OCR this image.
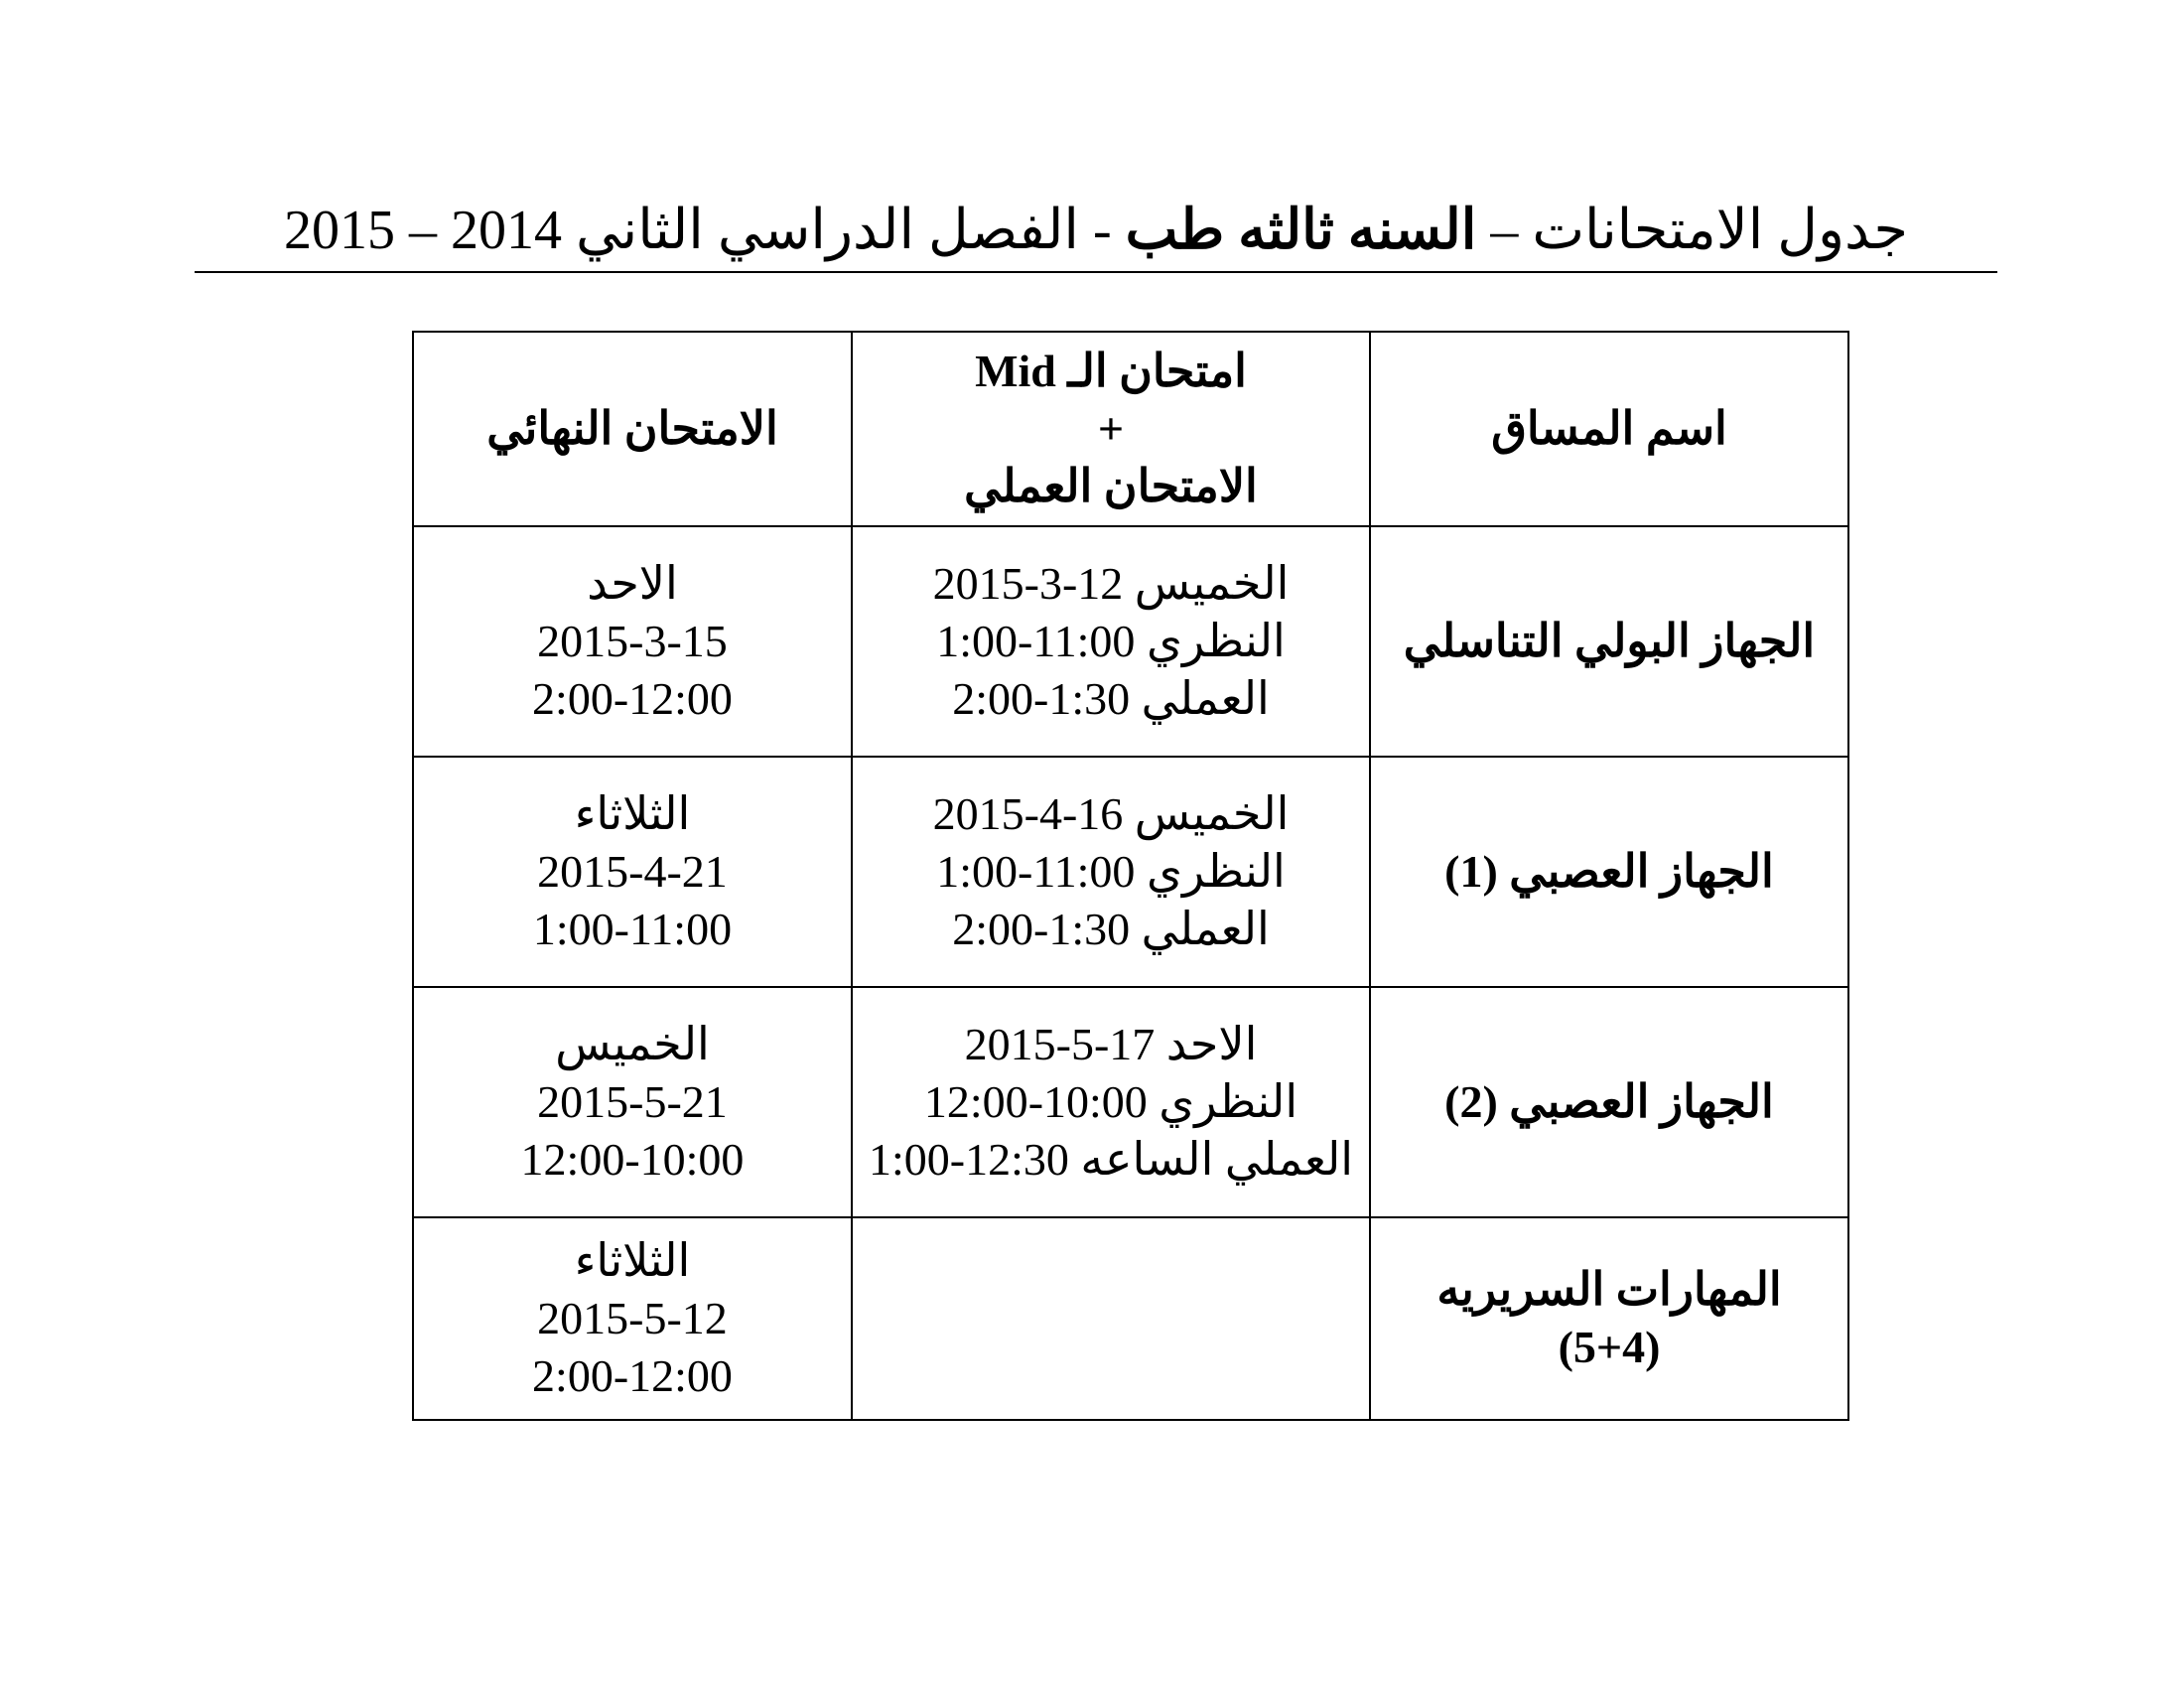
جدول الامتحانات – السنه ثالثه طب - الفصل الدراسي الثاني 2014 – 2015
اسم المساق	امتحان الـ Mid
+
الامتحان العملي	الامتحان النهائي

الجهاز البولي التناسلي	الخميس 12-3-2015
النظري 11:00-1:00
العملي 1:30-2:00	الاحد
2015-3-15
2:00-12:00

الجهاز العصبي (1)	الخميس 16-4-2015
النظري 11:00-1:00
العملي 1:30-2:00	الثلاثاء
2015-4-21
1:00-11:00

الجهاز العصبي (2)	الاحد 17-5-2015
النظري 10:00-12:00
العملي الساعه 12:30-1:00	الخميس
2015-5-21
12:00-10:00

المهارات السريريه
(5+4)		الثلاثاء
2015-5-12
2:00-12:00
